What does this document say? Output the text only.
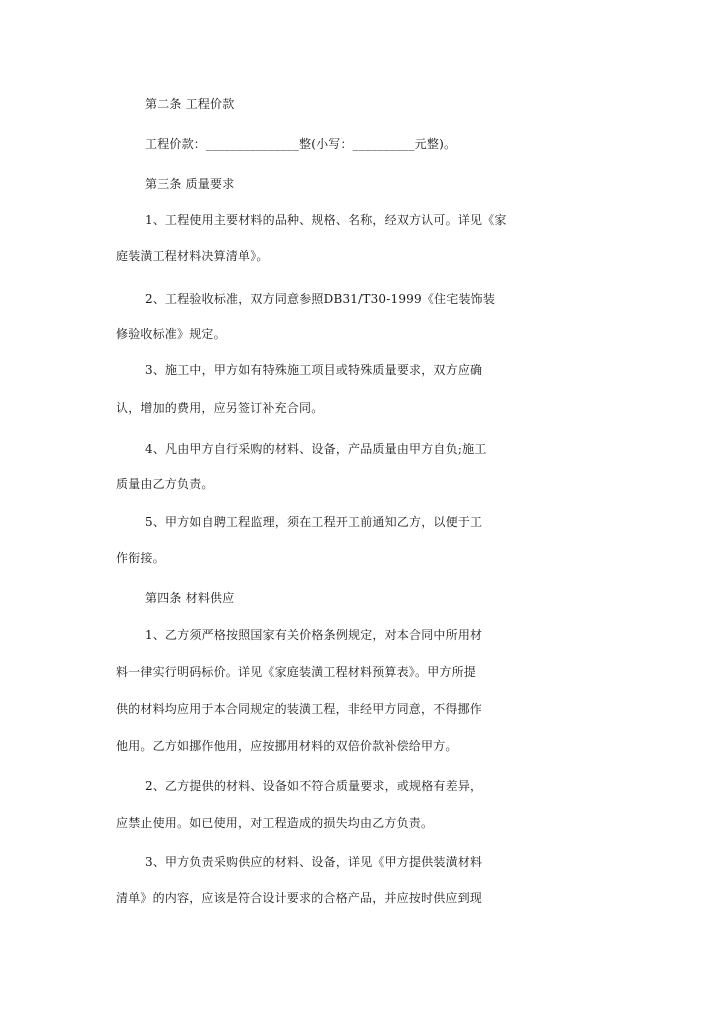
第二条 工程价款
工程价款：_______________整(小写：__________元整)。
第三条 质量要求
1、工程使用主要材料的品种、规格、名称，经双方认可。详见《家
庭装潢工程材料决算清单》。
2、工程验收标准，双方同意参照DB31/T30-1999《住宅装饰装
修验收标准》规定。
3、施工中，甲方如有特殊施工项目或特殊质量要求，双方应确
认，增加的费用，应另签订补充合同。
4、凡由甲方自行采购的材料、设备，产品质量由甲方自负;施工
质量由乙方负责。
5、甲方如自聘工程监理，须在工程开工前通知乙方，以便于工
作衔接。
第四条 材料供应
1、乙方须严格按照国家有关价格条例规定，对本合同中所用材
料一律实行明码标价。详见《家庭装潢工程材料预算表》。甲方所提
供的材料均应用于本合同规定的装潢工程，非经甲方同意，不得挪作
他用。乙方如挪作他用，应按挪用材料的双倍价款补偿给甲方。
2、乙方提供的材料、设备如不符合质量要求，或规格有差异，
应禁止使用。如已使用，对工程造成的损失均由乙方负责。
3、甲方负责采购供应的材料、设备，详见《甲方提供装潢材料
清单》的内容，应该是符合设计要求的合格产品，并应按时供应到现
